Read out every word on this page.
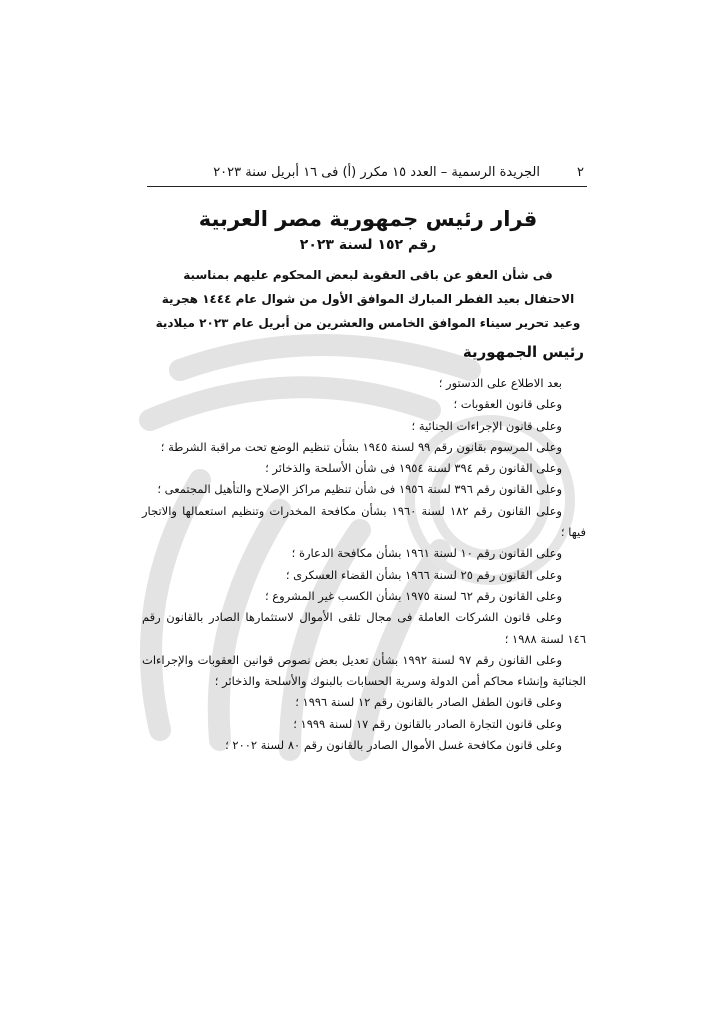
٢
الجريدة الرسمية – العدد ١٥ مكرر (أ) فى ١٦ أبريل سنة ٢٠٢٣
قرار رئيس جمهورية مصر العربية
رقم ١٥٢ لسنة ٢٠٢٣
فى شأن العفو عن باقى العقوبة لبعض المحكوم عليهم بمناسبة
الاحتفال بعيد الفطر المبارك الموافق الأول من شوال عام ١٤٤٤ هجرية
وعيد تحرير سيناء الموافق الخامس والعشرين من أبريل عام ٢٠٢٣ ميلادية
رئيس الجمهورية

بعد الاطلاع على الدستور ؛

وعلى قانون العقوبات ؛

وعلى قانون الإجراءات الجنائية ؛

وعلى المرسوم بقانون رقم ٩٩ لسنة ١٩٤٥ بشأن تنظيم الوضع تحت مراقبة الشرطة ؛

وعلى القانون رقم ٣٩٤ لسنة ١٩٥٤ فى شأن الأسلحة والذخائر ؛

وعلى القانون رقم ٣٩٦ لسنة ١٩٥٦ فى شأن تنظيم مراكز الإصلاح والتأهيل المجتمعى ؛

وعلى القانون رقم ١٨٢ لسنة ١٩٦٠ بشأن مكافحة المخدرات وتنظيم استعمالها والاتجار فيها ؛

وعلى القانون رقم ١٠ لسنة ١٩٦١ بشأن مكافحة الدعارة ؛

وعلى القانون رقم ٢٥ لسنة ١٩٦٦ بشأن القضاء العسكرى ؛

وعلى القانون رقم ٦٢ لسنة ١٩٧٥ بشأن الكسب غير المشروع ؛

وعلى قانون الشركات العاملة فى مجال تلقى الأموال لاستثمارها الصادر بالقانون رقم ١٤٦ لسنة ١٩٨٨ ؛

وعلى القانون رقم ٩٧ لسنة ١٩٩٢ بشأن تعديل بعض نصوص قوانين العقوبات والإجراءات الجنائية وإنشاء محاكم أمن الدولة وسرية الحسابات بالبنوك والأسلحة والذخائر ؛

وعلى قانون الطفل الصادر بالقانون رقم ١٢ لسنة ١٩٩٦ ؛

وعلى قانون التجارة الصادر بالقانون رقم ١٧ لسنة ١٩٩٩ ؛

وعلى قانون مكافحة غسل الأموال الصادر بالقانون رقم ٨٠ لسنة ٢٠٠٢ ؛
